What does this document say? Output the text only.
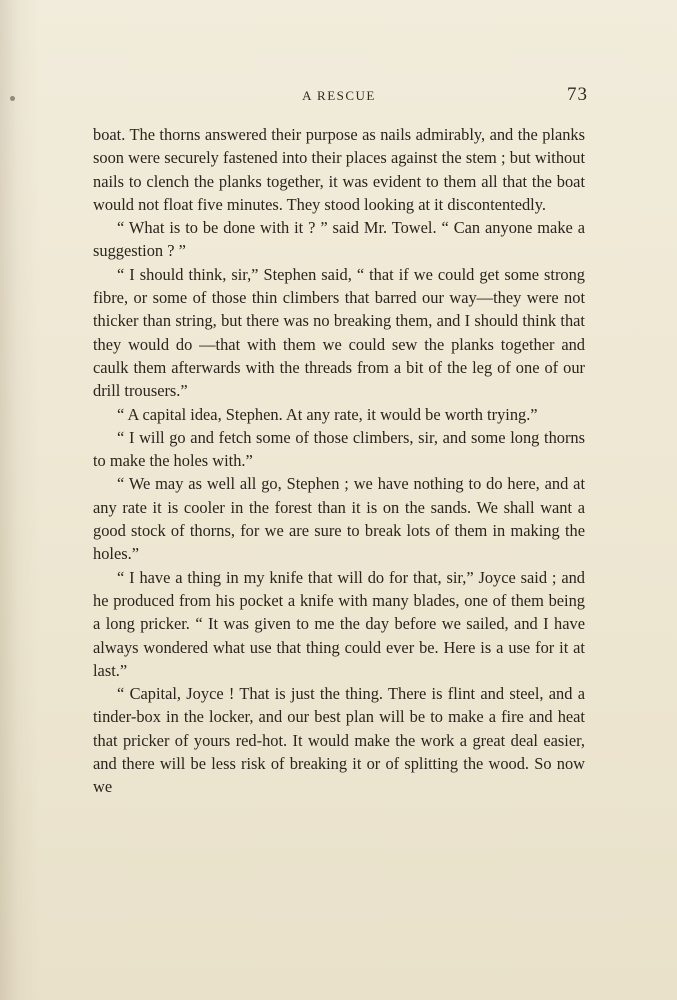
A RESCUE	73

boat. The thorns answered their purpose as nails admirably, and the planks soon were securely fastened into their places against the stem ; but without nails to clench the planks together, it was evident to them all that the boat would not float five minutes. They stood looking at it discontentedly.

“ What is to be done with it ? ” said Mr. Towel. “ Can anyone make a suggestion ? ”

“ I should think, sir,” Stephen said, “ that if we could get some strong fibre, or some of those thin climbers that barred our way—they were not thicker than string, but there was no breaking them, and I should think that they would do —that with them we could sew the planks together and caulk them afterwards with the threads from a bit of the leg of one of our drill trousers.”

“ A capital idea, Stephen. At any rate, it would be worth trying.”

“ I will go and fetch some of those climbers, sir, and some long thorns to make the holes with.”

“ We may as well all go, Stephen ; we have nothing to do here, and at any rate it is cooler in the forest than it is on the sands. We shall want a good stock of thorns, for we are sure to break lots of them in making the holes.”

“ I have a thing in my knife that will do for that, sir,” Joyce said ; and he produced from his pocket a knife with many blades, one of them being a long pricker. “ It was given to me the day before we sailed, and I have always wondered what use that thing could ever be. Here is a use for it at last.”

“ Capital, Joyce ! That is just the thing. There is flint and steel, and a tinder-box in the locker, and our best plan will be to make a fire and heat that pricker of yours red-hot. It would make the work a great deal easier, and there will be less risk of breaking it or of splitting the wood. So now we
